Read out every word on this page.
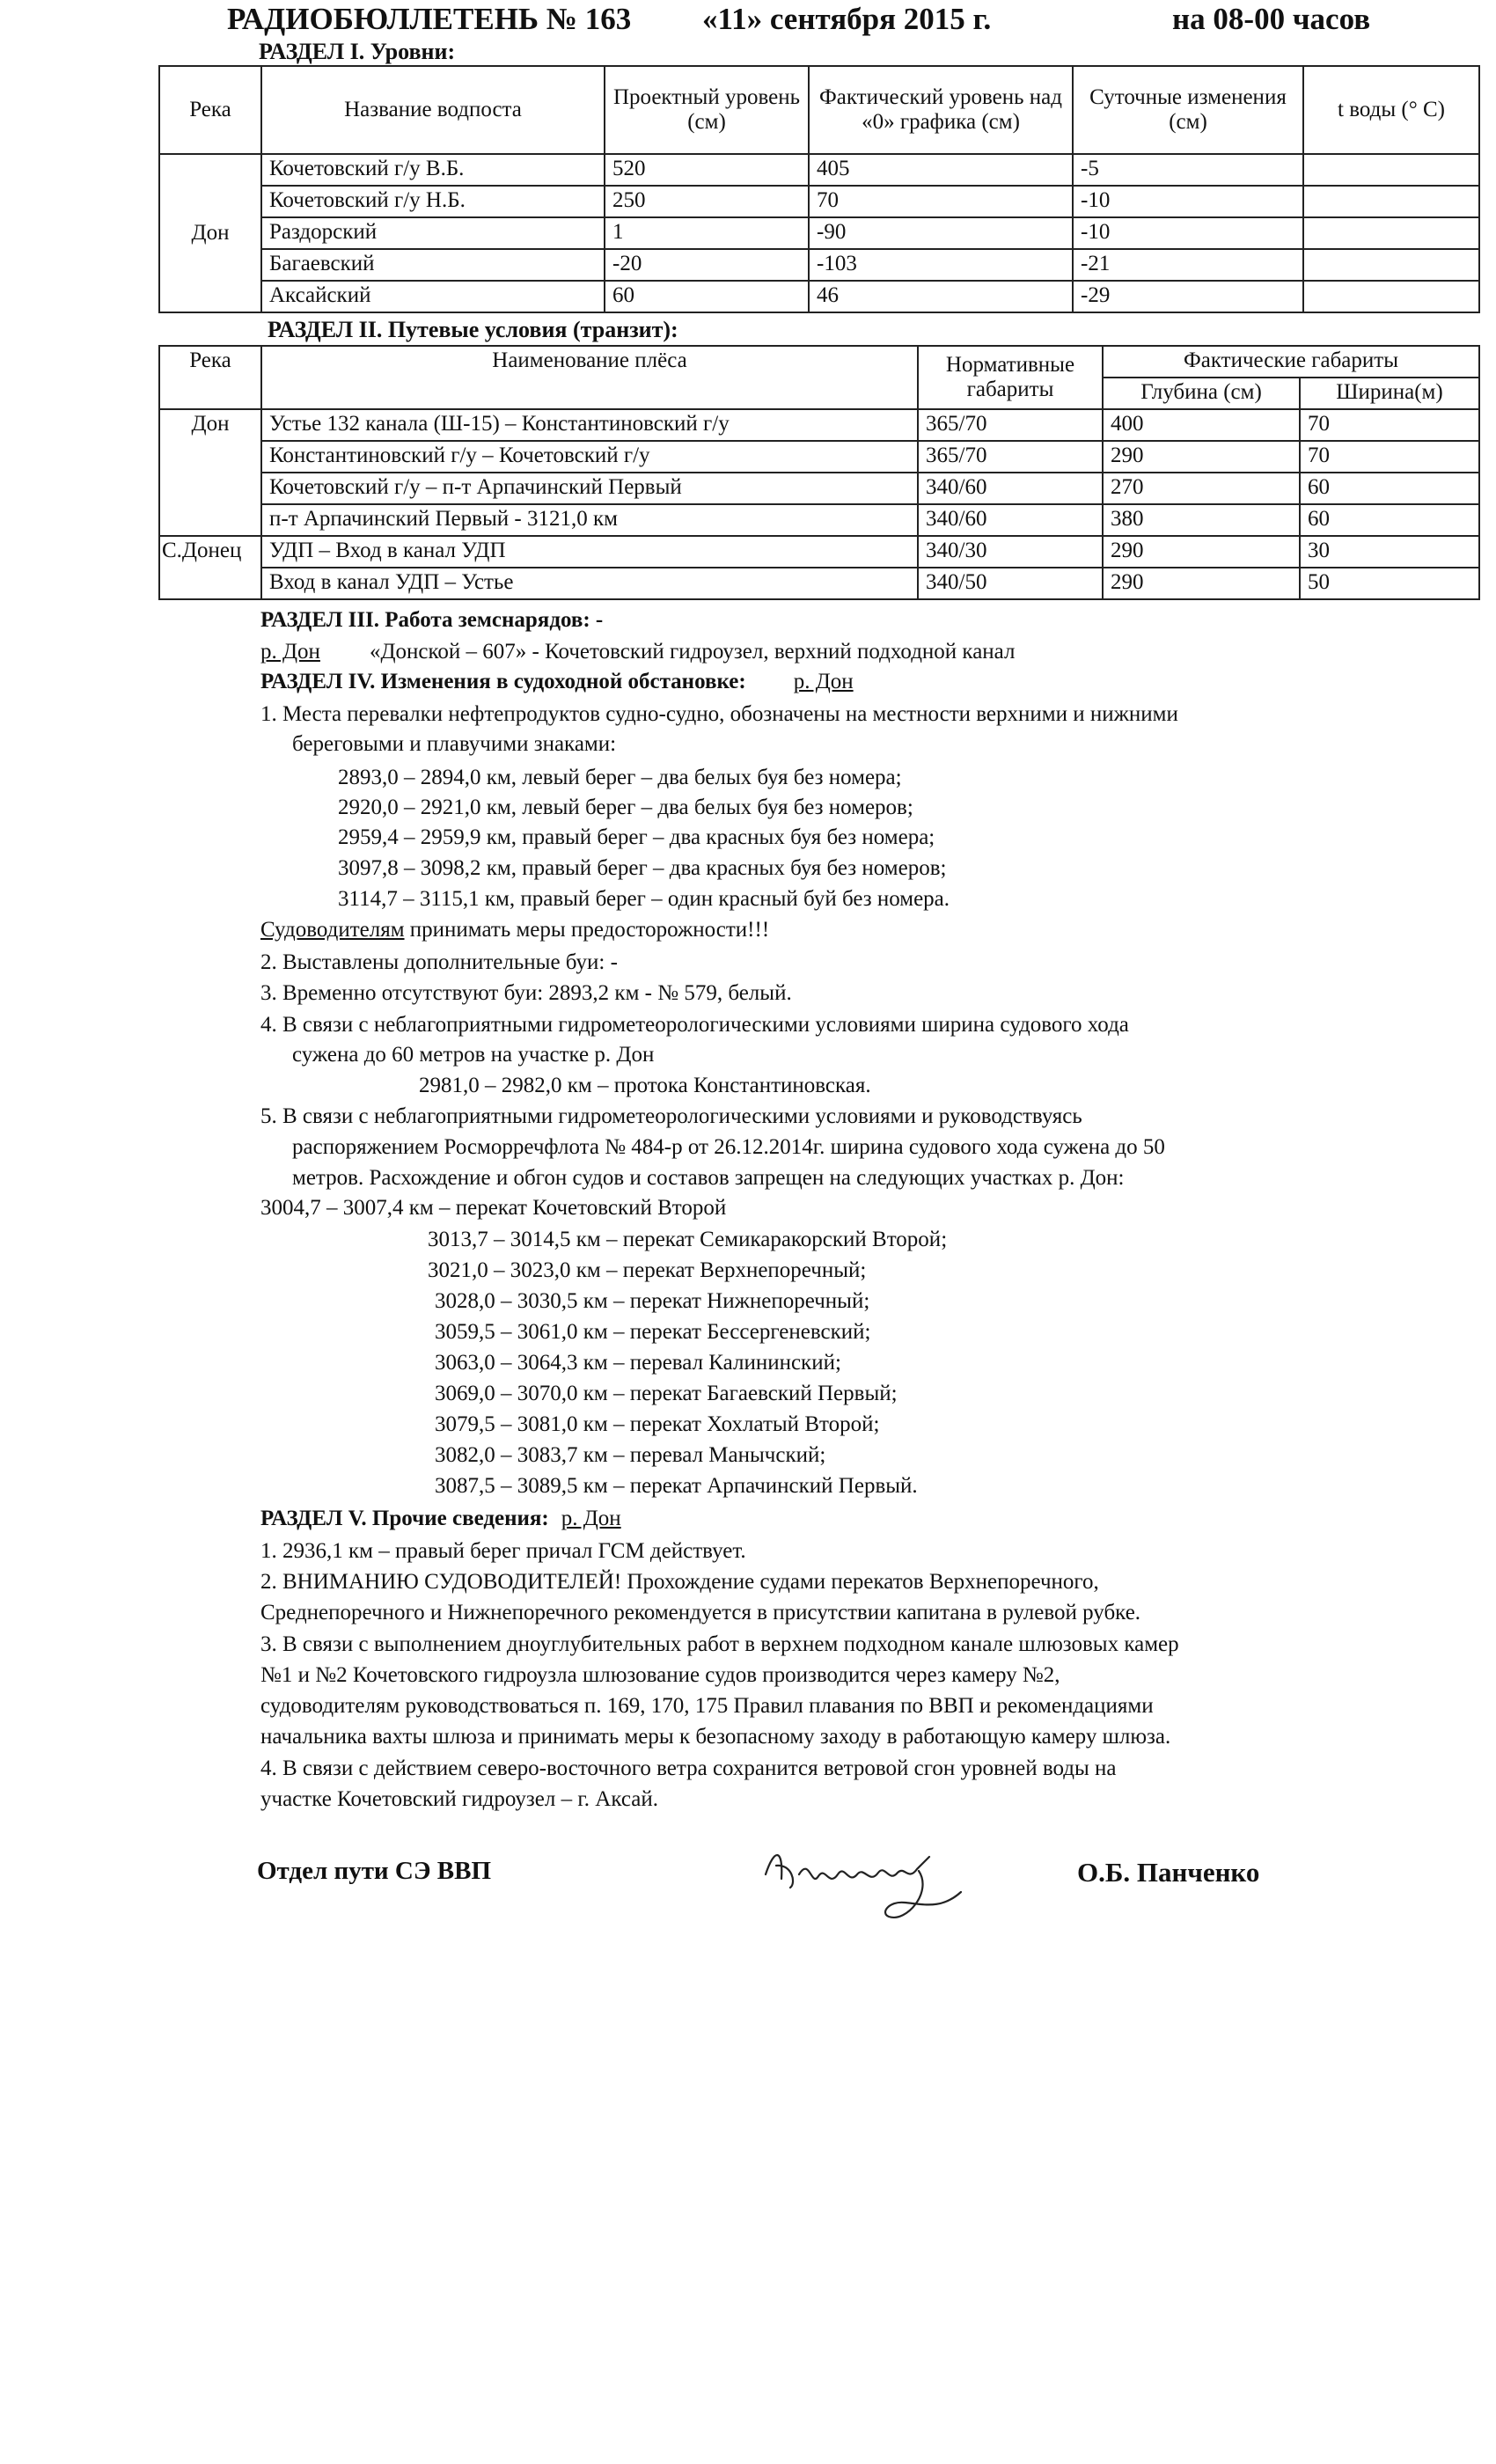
РАДИОБЮЛЛЕТЕНЬ № 163 «11» сентября 2015 г.	на 08-00 часов
РАЗДЕЛ I. Уровни:
Река	Название водпоста	Проектный уровень (см)	Фактический уровень над «0» графика (см)	Суточные изменения (см)	t воды (° C)
Дон	Кочетовский г/у В.Б.	520	405	-5	
	Кочетовский г/у Н.Б.	250	70	-10	
	Раздорский	1	-90	-10	
	Багаевский	-20	-103	-21	
	Аксайский	60	46	-29	
РАЗДЕЛ II. Путевые условия (транзит):
Река	Наименование плёса	Нормативные габариты	Фактические габариты	
			Глубина (см)	Ширина(м)
Дон	Устье 132 канала (Ш-15) – Константиновский г/у	365/70	400	70
	Константиновский г/у – Кочетовский г/у	365/70	290	70
	Кочетовский г/у – п-т Арпачинский Первый	340/60	270	60
	п-т Арпачинский Первый - 3121,0 км	340/60	380	60
С.Донец	УДП – Вход в канал УДП	340/30	290	30
	Вход в канал УДП – Устье	340/50	290	50
РАЗДЕЛ III. Работа земснарядов: -
р. Дон «Донской – 607» - Кочетовский гидроузел, верхний подходной канал
РАЗДЕЛ IV. Изменения в судоходной обстановке: р. Дон
1. Места перевалки нефтепродуктов судно-судно, обозначены на местности верхними и нижними
береговыми и плавучими знаками:
2893,0 – 2894,0 км, левый берег – два белых буя без номера;
2920,0 – 2921,0 км, левый берег – два белых буя без номеров;
2959,4 – 2959,9 км, правый берег – два красных буя без номера;
3097,8 – 3098,2 км, правый берег – два красных буя без номеров;
3114,7 – 3115,1 км, правый берег – один красный буй без номера.
Судоводителям принимать меры предосторожности!!!
2. Выставлены дополнительные буи: -
3. Временно отсутствуют буи: 2893,2 км - № 579, белый.
4. В связи с неблагоприятными гидрометеорологическими условиями ширина судового хода
сужена до 60 метров на участке р. Дон
2981,0 – 2982,0 км – протока Константиновская.
5. В связи с неблагоприятными гидрометеорологическими условиями и руководствуясь
распоряжением Росморречфлота № 484-р от 26.12.2014г. ширина судового хода сужена до 50
метров. Расхождение и обгон судов и составов запрещен на следующих участках р. Дон:
3004,7 – 3007,4 км – перекат Кочетовский Второй
3013,7 – 3014,5 км – перекат Семикаракорский Второй;
3021,0 – 3023,0 км – перекат Верхнепоречный;
3028,0 – 3030,5 км – перекат Нижнепоречный;
3059,5 – 3061,0 км – перекат Бессергеневский;
3063,0 – 3064,3 км – перевал Калининский;
3069,0 – 3070,0 км – перекат Багаевский Первый;
3079,5 – 3081,0 км – перекат Хохлатый Второй;
3082,0 – 3083,7 км – перевал Манычский;
3087,5 – 3089,5 км – перекат Арпачинский Первый.
РАЗДЕЛ V. Прочие сведения: р. Дон
1. 2936,1 км – правый берег причал ГСМ действует.
2. ВНИМАНИЮ СУДОВОДИТЕЛЕЙ! Прохождение судами перекатов Верхнепоречного,
Среднепоречного и Нижнепоречного рекомендуется в присутствии капитана в рулевой рубке.
3. В связи с выполнением дноуглубительных работ в верхнем подходном канале шлюзовых камер
№1 и №2 Кочетовского гидроузла шлюзование судов производится через камеру №2,
судоводителям руководствоваться п. 169, 170, 175 Правил плавания по ВВП и рекомендациями
начальника вахты шлюза и принимать меры к безопасному заходу в работающую камеру шлюза.
4. В связи с действием северо-восточного ветра сохранится ветровой сгон уровней воды на
участке Кочетовский гидроузел – г. Аксай.
Отдел пути СЭ ВВП	О.Б. Панченко
